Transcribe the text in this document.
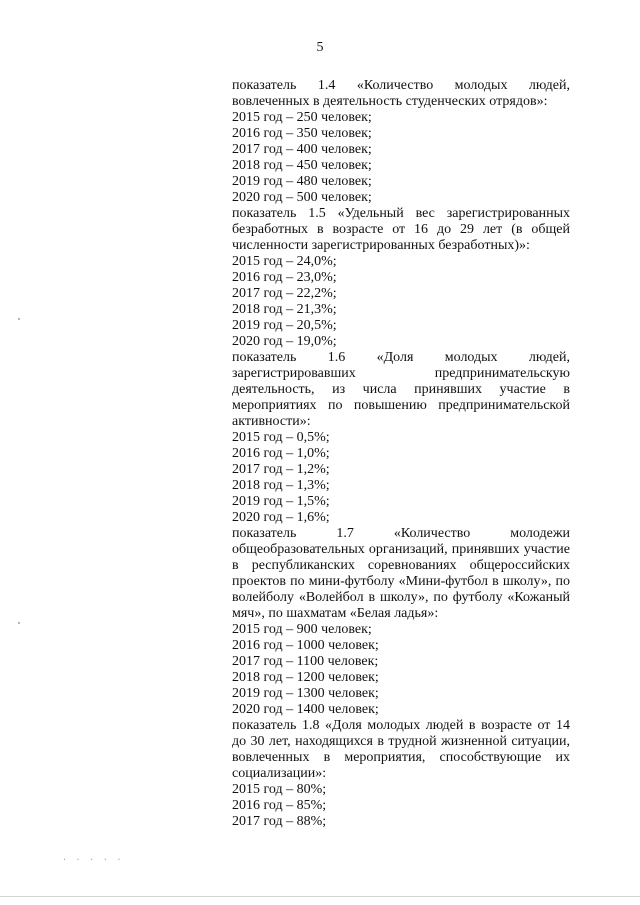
5
показатель 1.4 «Количество молодых людей,
вовлеченных в деятельность студенческих отрядов»:
2015 год – 250 человек;
2016 год – 350 человек;
2017 год – 400 человек;
2018 год – 450 человек;
2019 год – 480 человек;
2020 год – 500 человек;
показатель 1.5 «Удельный вес зарегистрированных
безработных в возрасте от 16 до 29 лет (в общей
численности зарегистрированных безработных)»:
2015 год – 24,0%;
2016 год – 23,0%;
2017 год – 22,2%;
2018 год – 21,3%;
2019 год – 20,5%;
2020 год – 19,0%;
показатель 1.6 «Доля молодых людей,
зарегистрировавших предпринимательскую
деятельность, из числа принявших участие в
мероприятиях по повышению предпринимательской
активности»:
2015 год – 0,5%;
2016 год – 1,0%;
2017 год – 1,2%;
2018 год – 1,3%;
2019 год – 1,5%;
2020 год – 1,6%;
показатель 1.7 «Количество молодежи
общеобразовательных организаций, принявших участие
в республиканских соревнованиях общероссийских
проектов по мини-футболу «Мини-футбол в школу», по
волейболу «Волейбол в школу», по футболу «Кожаный
мяч», по шахматам «Белая ладья»:
2015 год – 900 человек;
2016 год – 1000 человек;
2017 год – 1100 человек;
2018 год – 1200 человек;
2019 год – 1300 человек;
2020 год – 1400 человек;
показатель 1.8 «Доля молодых людей в возрасте от 14
до 30 лет, находящихся в трудной жизненной ситуации,
вовлеченных в мероприятия, способствующие их
социализации»:
2015 год – 80%;
2016 год – 85%;
2017 год – 88%;
. . . . .
